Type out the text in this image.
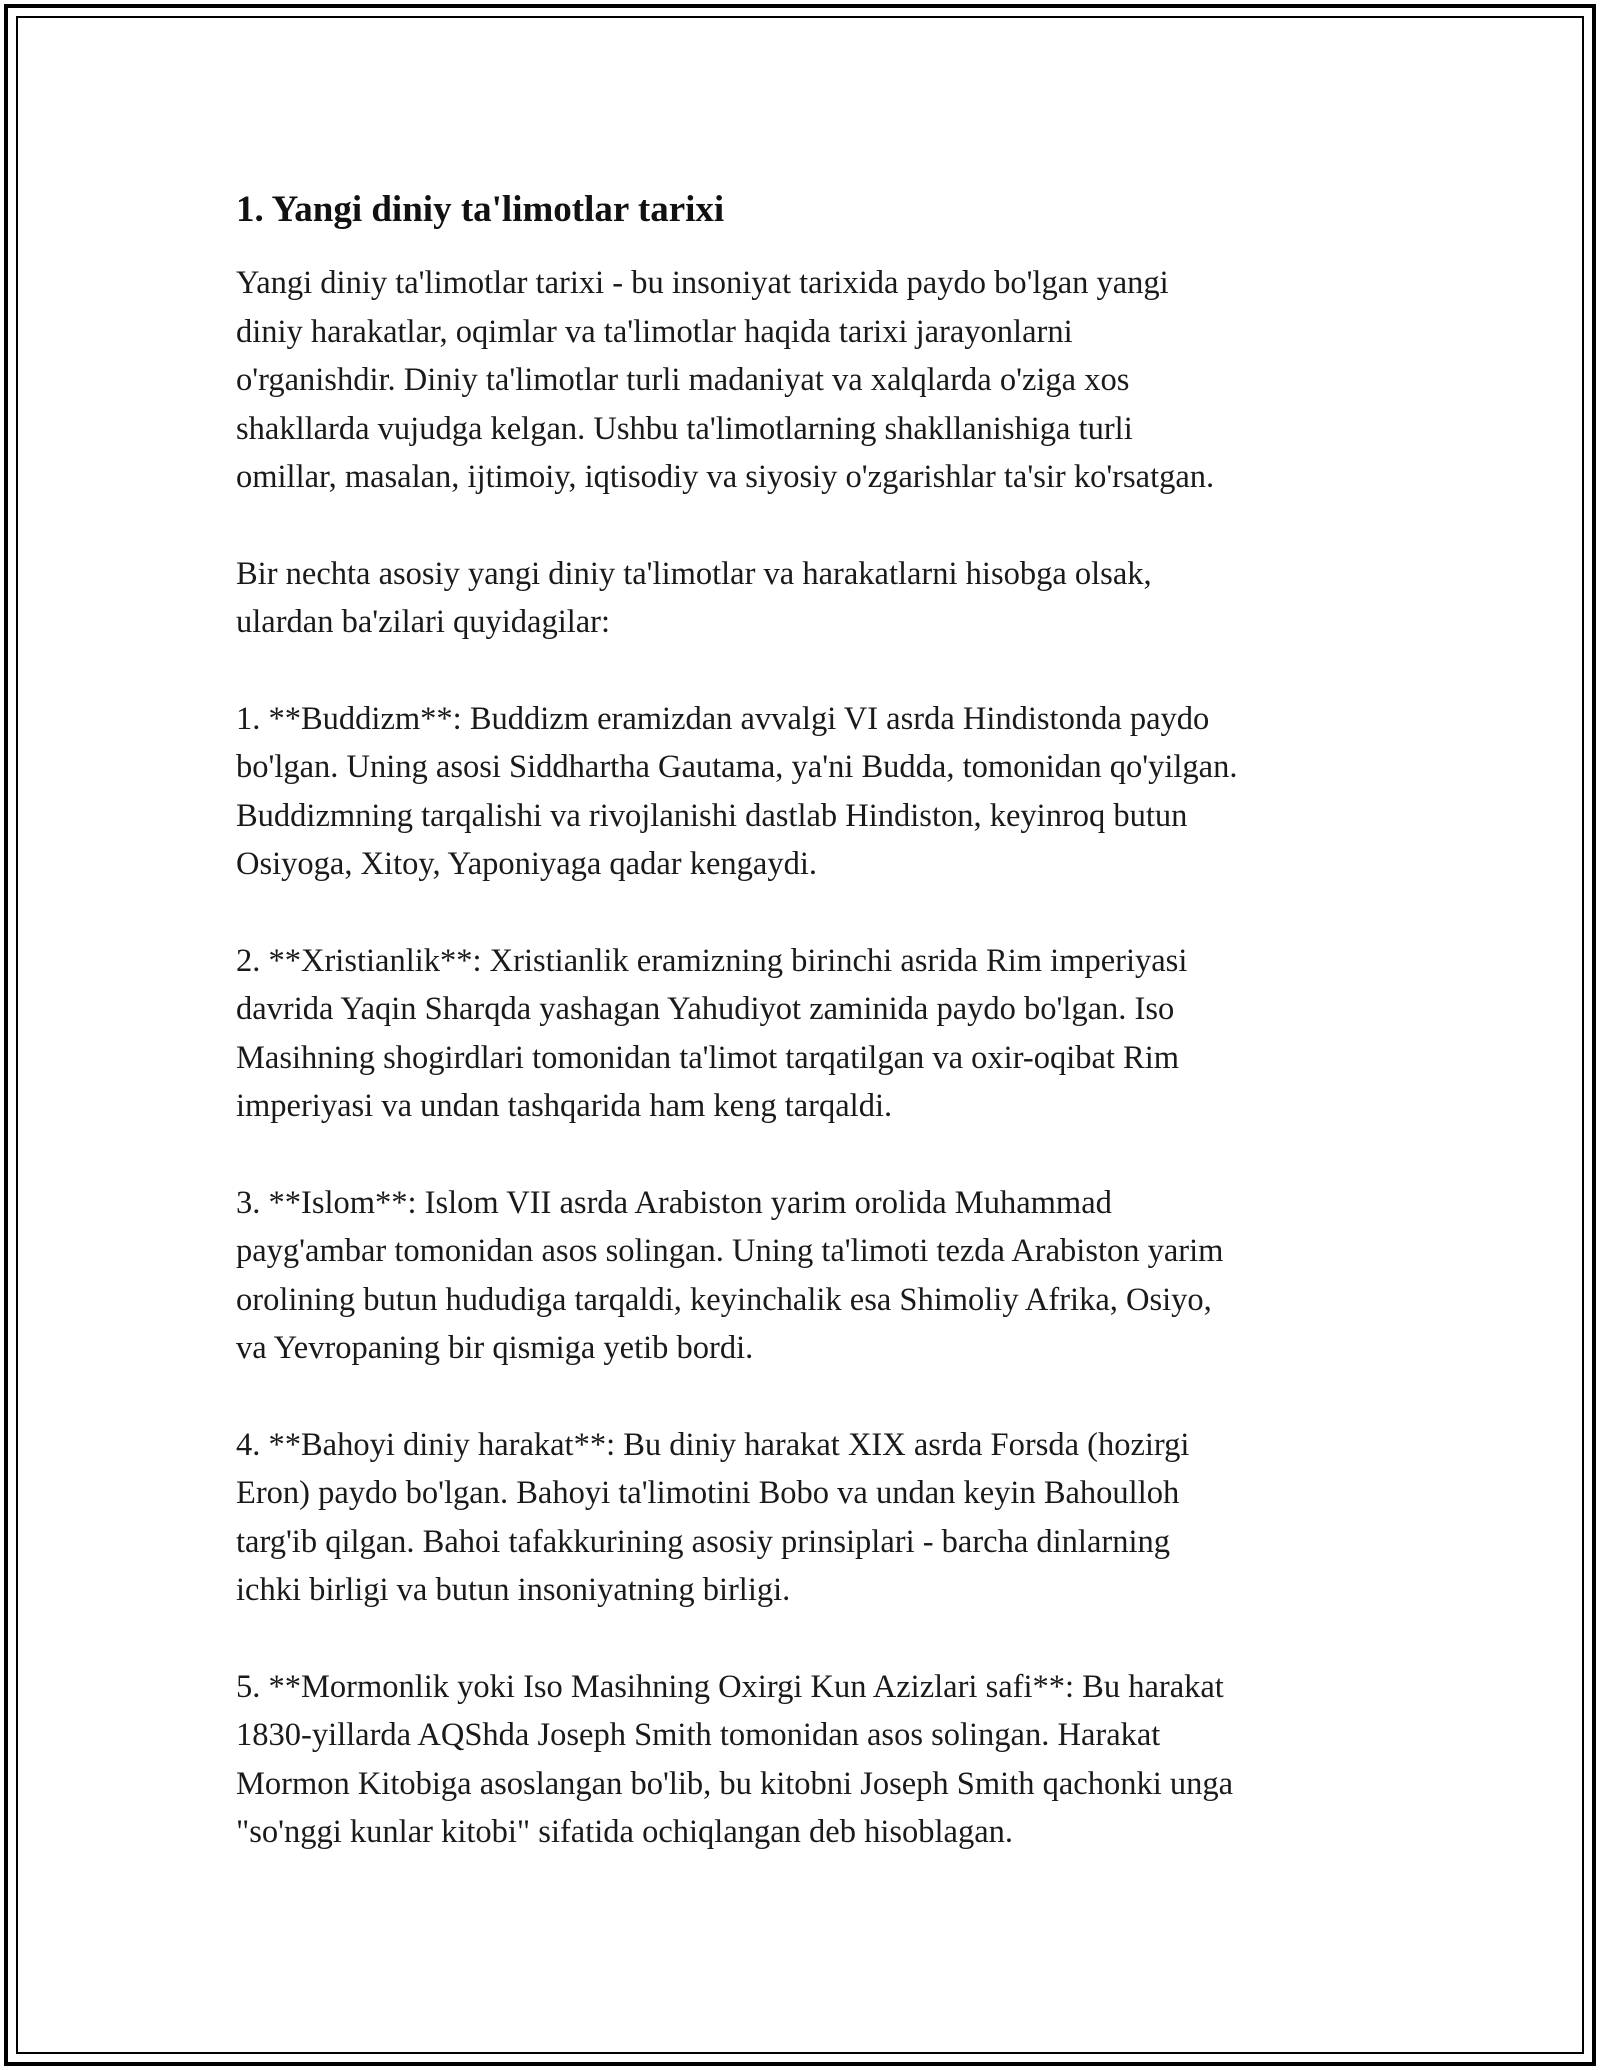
1. Yangi diniy ta'limotlar tarixi

Yangi diniy ta'limotlar tarixi - bu insoniyat tarixida paydo bo'lgan yangi
diniy harakatlar, oqimlar va ta'limotlar haqida tarixi jarayonlarni
o'rganishdir. Diniy ta'limotlar turli madaniyat va xalqlarda o'ziga xos
shakllarda vujudga kelgan. Ushbu ta'limotlarning shakllanishiga turli
omillar, masalan, ijtimoiy, iqtisodiy va siyosiy o'zgarishlar ta'sir ko'rsatgan.

Bir nechta asosiy yangi diniy ta'limotlar va harakatlarni hisobga olsak,
ulardan ba'zilari quyidagilar:

1. **Buddizm**: Buddizm eramizdan avvalgi VI asrda Hindistonda paydo
bo'lgan. Uning asosi Siddhartha Gautama, ya'ni Budda, tomonidan qo'yilgan.
Buddizmning tarqalishi va rivojlanishi dastlab Hindiston, keyinroq butun
Osiyoga, Xitoy, Yaponiyaga qadar kengaydi.

2. **Xristianlik**: Xristianlik eramizning birinchi asrida Rim imperiyasi
davrida Yaqin Sharqda yashagan Yahudiyot zaminida paydo bo'lgan. Iso
Masihning shogirdlari tomonidan ta'limot tarqatilgan va oxir-oqibat Rim
imperiyasi va undan tashqarida ham keng tarqaldi.

3. **Islom**: Islom VII asrda Arabiston yarim orolida Muhammad
payg'ambar tomonidan asos solingan. Uning ta'limoti tezda Arabiston yarim
orolining butun hududiga tarqaldi, keyinchalik esa Shimoliy Afrika, Osiyo,
va Yevropaning bir qismiga yetib bordi.

4. **Bahoyi diniy harakat**: Bu diniy harakat XIX asrda Forsda (hozirgi
Eron) paydo bo'lgan. Bahoyi ta'limotini Bobo va undan keyin Bahoulloh
targ'ib qilgan. Bahoi tafakkurining asosiy prinsiplari - barcha dinlarning
ichki birligi va butun insoniyatning birligi.

5. **Mormonlik yoki Iso Masihning Oxirgi Kun Azizlari safi**: Bu harakat
1830-yillarda AQShda Joseph Smith tomonidan asos solingan. Harakat
Mormon Kitobiga asoslangan bo'lib, bu kitobni Joseph Smith qachonki unga
"so'nggi kunlar kitobi" sifatida ochiqlangan deb hisoblagan.
